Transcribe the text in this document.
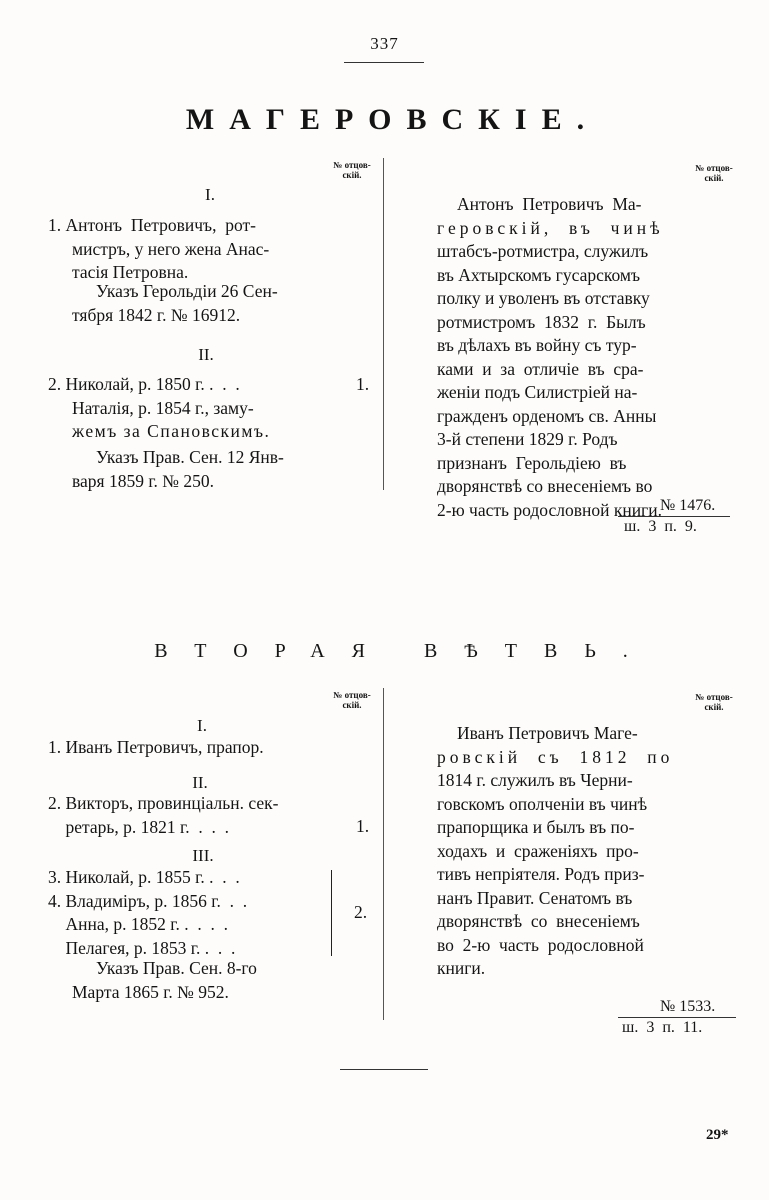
337
МАГЕРОВСКІЕ.
№ отцов-
скій.
№ отцов-
скій.
I.
1. Антонъ  Петровичъ,  рот-
мистръ, у него жена Анас-
тасія Петровна.
Указъ Герольдіи 26 Сен-
тября 1842 г. № 16912.
II.
2. Николай, р. 1850 г. .  .  .
Наталія, р. 1854 г., заму-
жемъ за Спановскимъ.
1.
Указъ Прав. Сен. 12 Янв-
варя 1859 г. № 250.
Антонъ  Петровичъ  Ма-
геровскій,  въ  чинѣ
штабсъ-ротмистра, служилъ
въ Ахтырскомъ гусарскомъ
полку и уволенъ въ отставку
ротмистромъ  1832  г.  Былъ
въ дѣлахъ въ войну съ тур-
ками  и  за  отличіе  въ  сра-
женіи подъ Силистріей на-
гражденъ орденомъ св. Анны
3-й степени 1829 г. Родъ
признанъ  Герольдіею  въ
дворянствѣ со внесеніемъ во
2-ю часть родословной книги.
№ 1476.
ш. 3 п. 9.
ВТОРАЯ ВѢТВЬ.
№ отцов-
скій.
№ отцов-
скій.
I.
1. Иванъ Петровичъ, прапор.
II.
2. Викторъ, провинціальн. сек-
ретарь, р. 1821 г.  .  .  .	1.
III.
3. Николай, р. 1855 г. .  .  .
4. Владиміръ, р. 1856 г.  .  .
Анна, р. 1852 г. .  .  .  .
Пелагея, р. 1853 г. .  .  .
2.
Указъ Прав. Сен. 8-го
Марта 1865 г. № 952.
Иванъ Петровичъ Маге-
ровскій  съ  1812  по
1814 г. служилъ въ Черни-
говскомъ ополченіи въ чинѣ
прапорщика и былъ въ по-
ходахъ  и  сраженіяхъ  про-
тивъ непріятеля. Родъ приз-
нанъ Правит. Сенатомъ въ
дворянствѣ  со  внесеніемъ
во  2-ю  часть  родословной
книги.
№ 1533.
ш. 3 п. 11.
29*
